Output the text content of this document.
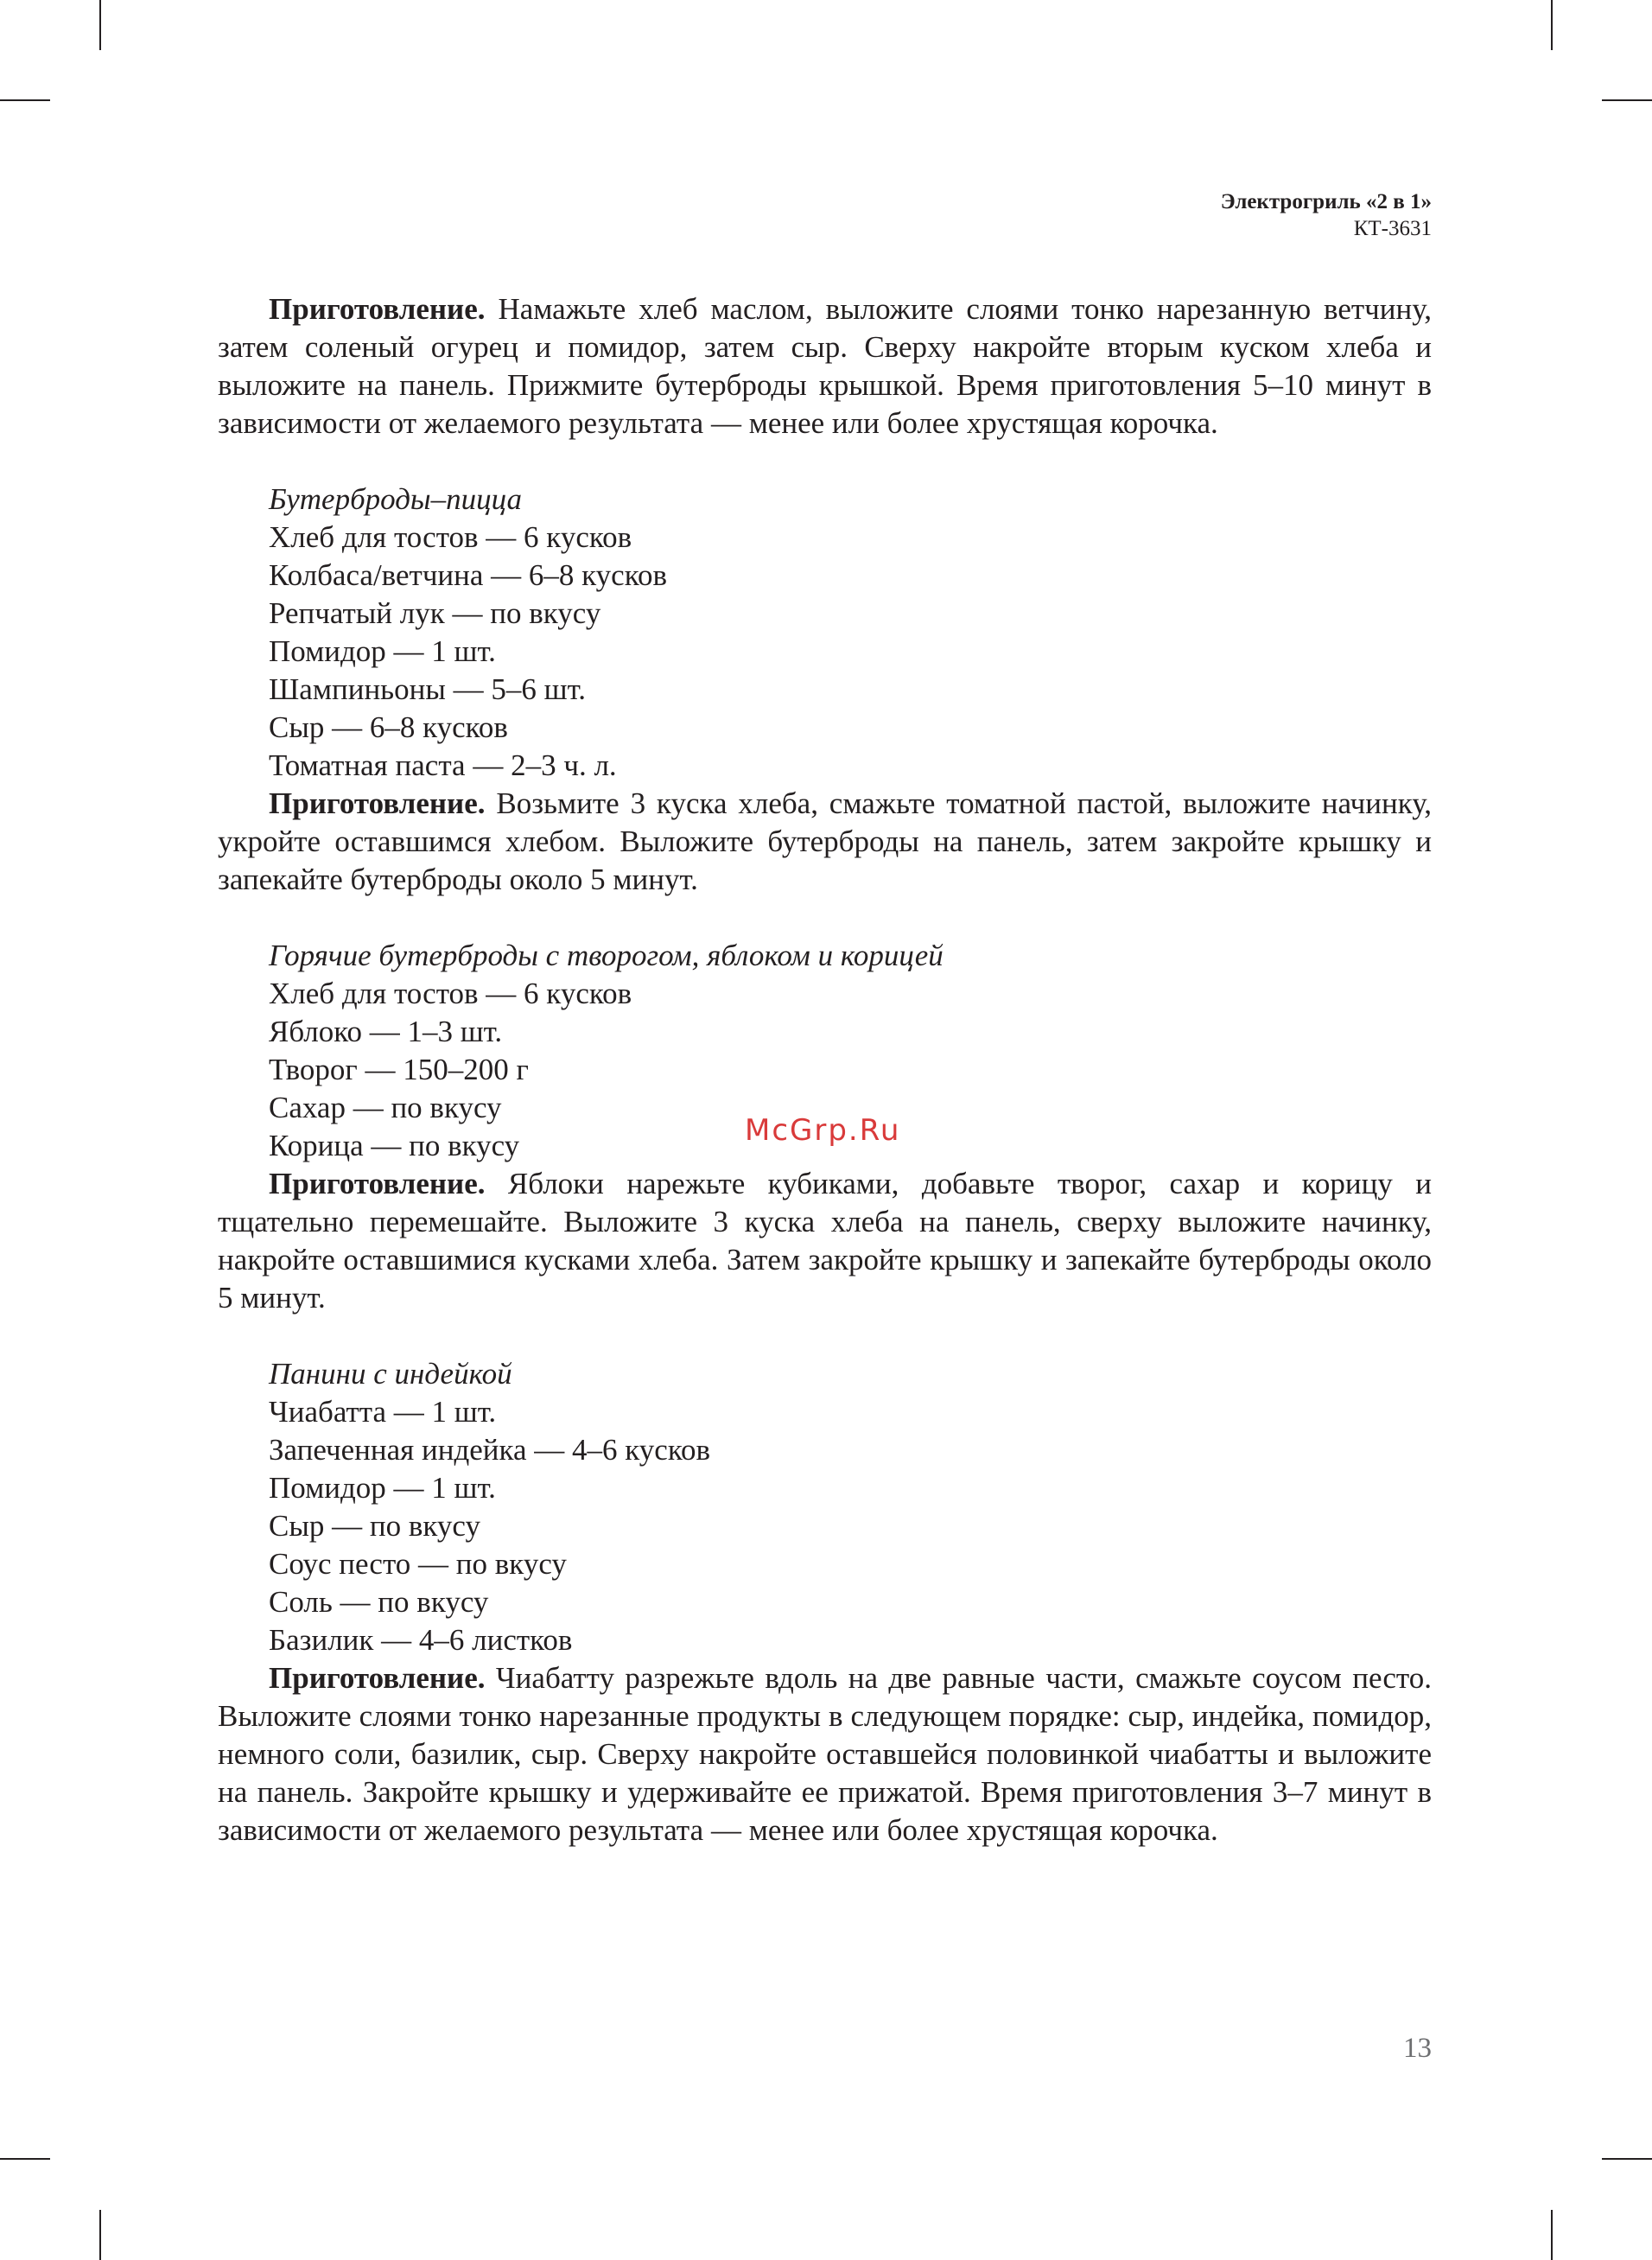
Электрогриль «2 в 1»
КТ-3631

Приготовление. Намажьте хлеб маслом, выложите слоями тонко нарезанную ветчину, затем соленый огурец и помидор, затем сыр. Сверху накройте вторым куском хлеба и выложите на панель. Прижмите бутерброды крышкой. Время приготовления 5–10 минут в зависимости от желаемого результата — менее или более хрустящая корочка.

Бутерброды–пицца
Хлеб для тостов — 6 кусков
Колбаса/ветчина — 6–8 кусков
Репчатый лук — по вкусу
Помидор — 1 шт.
Шампиньоны — 5–6 шт.
Сыр — 6–8 кусков
Томатная паста — 2–3 ч. л.

Приготовление. Возьмите 3 куска хлеба, смажьте томатной пастой, выложите начинку, укройте оставшимся хлебом. Выложите бутерброды на панель, затем закройте крышку и запекайте бутерброды около 5 минут.

Горячие бутерброды с творогом, яблоком и корицей
Хлеб для тостов — 6 кусков
Яблоко — 1–3 шт.
Творог — 150–200 г
Сахар — по вкусу
Корица — по вкусу

Приготовление. Яблоки нарежьте кубиками, добавьте творог, сахар и корицу и тщательно перемешайте. Выложите 3 куска хлеба на панель, сверху выложите начинку, накройте оставшимися кусками хлеба. Затем закройте крышку и запекайте бутерброды около 5 минут.

Панини с индейкой
Чиабатта — 1 шт.
Запеченная индейка — 4–6 кусков
Помидор — 1 шт.
Сыр — по вкусу
Соус песто — по вкусу
Соль — по вкусу
Базилик — 4–6 листков

Приготовление. Чиабатту разрежьте вдоль на две равные части, смажьте соусом песто. Выложите слоями тонко нарезанные продукты в следующем порядке: сыр, индейка, помидор, немного соли, базилик, сыр. Сверху накройте оставшейся половинкой чиабатты и выложите на панель. Закройте крышку и удерживайте ее прижатой. Время приготовления 3–7 минут в зависимости от желаемого результата — менее или более хрустящая корочка.

McGrp.Ru
13
